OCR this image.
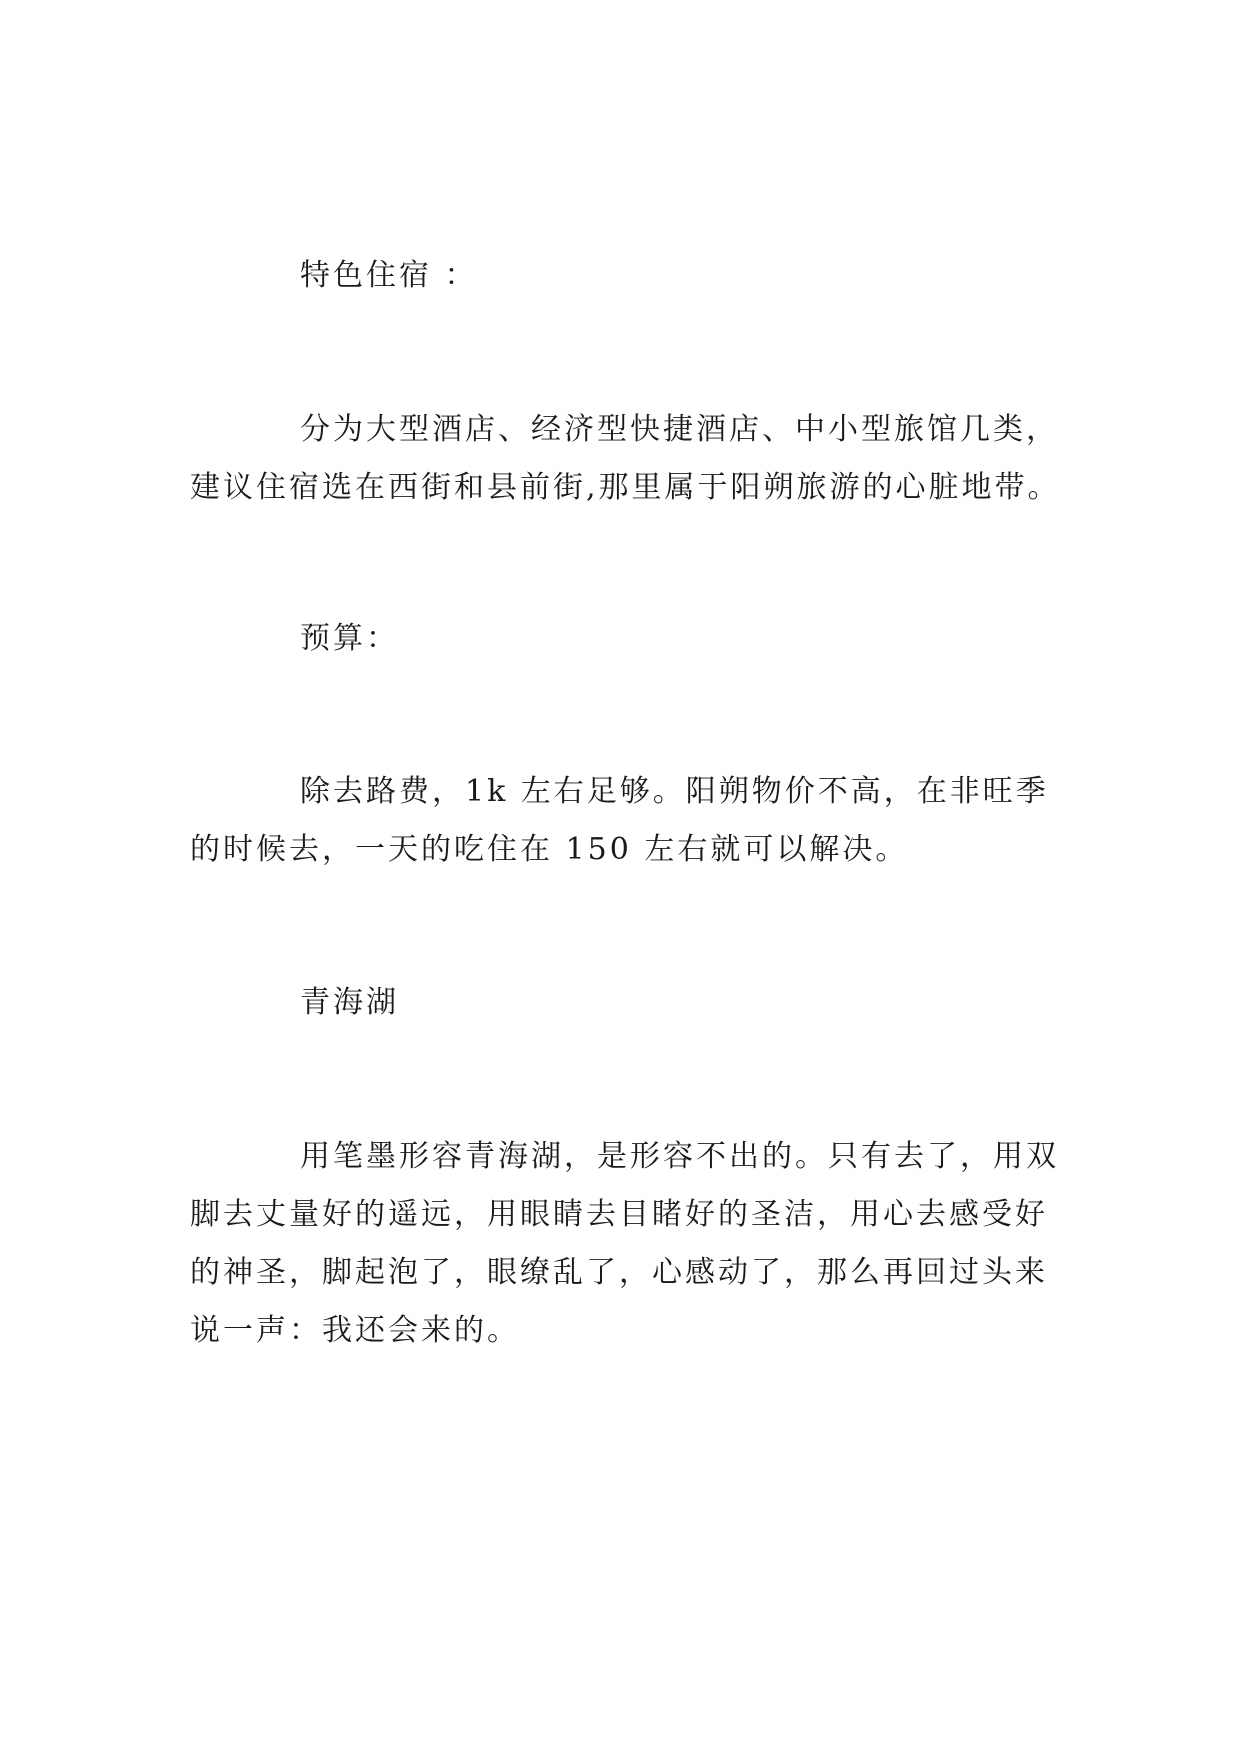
特色住宿 ：

分为大型酒店、经济型快捷酒店、中小型旅馆几类，
建议住宿选在西街和县前街,那里属于阳朔旅游的心脏地带。

预算：

除去路费，1k 左右足够。阳朔物价不高，在非旺季
的时候去，一天的吃住在 150 左右就可以解决。

青海湖

用笔墨形容青海湖，是形容不出的。只有去了，用双
脚去丈量好的遥远，用眼睛去目睹好的圣洁，用心去感受好
的神圣，脚起泡了，眼缭乱了，心感动了，那么再回过头来
说一声：我还会来的。
